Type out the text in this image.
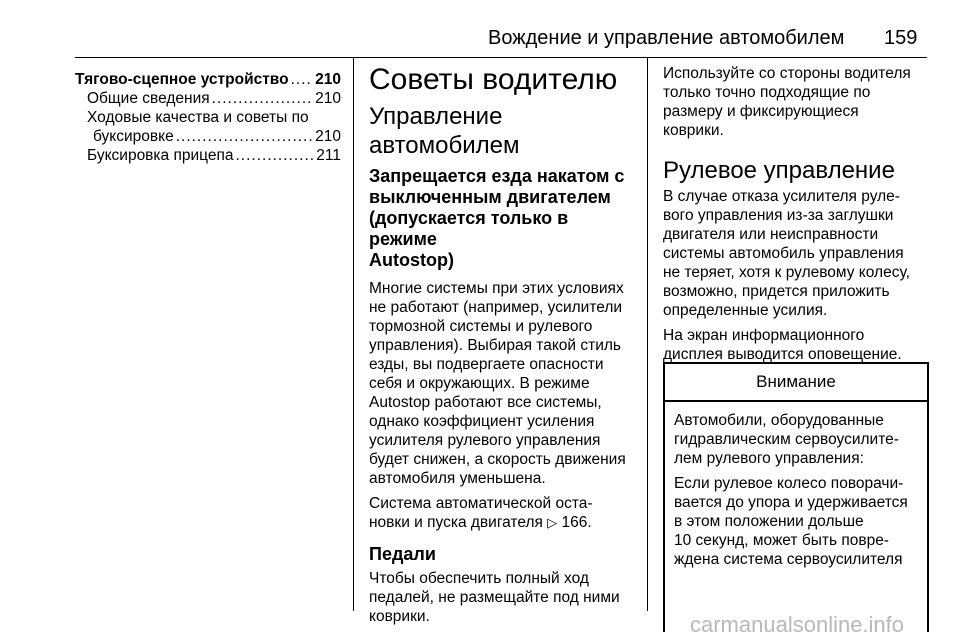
Вождение и управление автомобилем 159
Тягово-сцепное устройство ..... 210
Общие сведения .....	210
Ходовые качества и советы по
буксировке .....	210
Буксировка прицепа .....	211
Советы водителю
Управление автомобилем
Запрещается езда накатом с
выключенным двигателем
(допускается только в режиме
Autostop)
Многие системы при этих условиях
не работают (например, усилители
тормозной системы и рулевого
управления). Выбирая такой стиль
езды, вы подвергаете опасности
себя и окружающих. В режиме
Autostop работают все системы,
однако коэффициент усиления
усилителя рулевого управления
будет снижен, а скорость движения
автомобиля уменьшена.
Система автоматической оста-
новки и пуска двигателя ▷ 166.
Педали
Чтобы обеспечить полный ход
педалей, не размещайте под ними
коврики.
Используйте со стороны водителя
только точно подходящие по
размеру и фиксирующиеся
коврики.
Рулевое управление
В случае отказа усилителя руле-
вого управления из-за заглушки
двигателя или неисправности
системы автомобиль управления
не теряет, хотя к рулевому колесу,
возможно, придется приложить
определенные усилия.
На экран информационного
дисплея выводится оповещение.
Внимание
Автомобили, оборудованные
гидравлическим сервоусилите-
лем рулевого управления:
Если рулевое колесо поворачи-
вается до упора и удерживается
в этом положении дольше
10 секунд, может быть повре-
ждена система сервоусилителя
carmanualsonline.info
